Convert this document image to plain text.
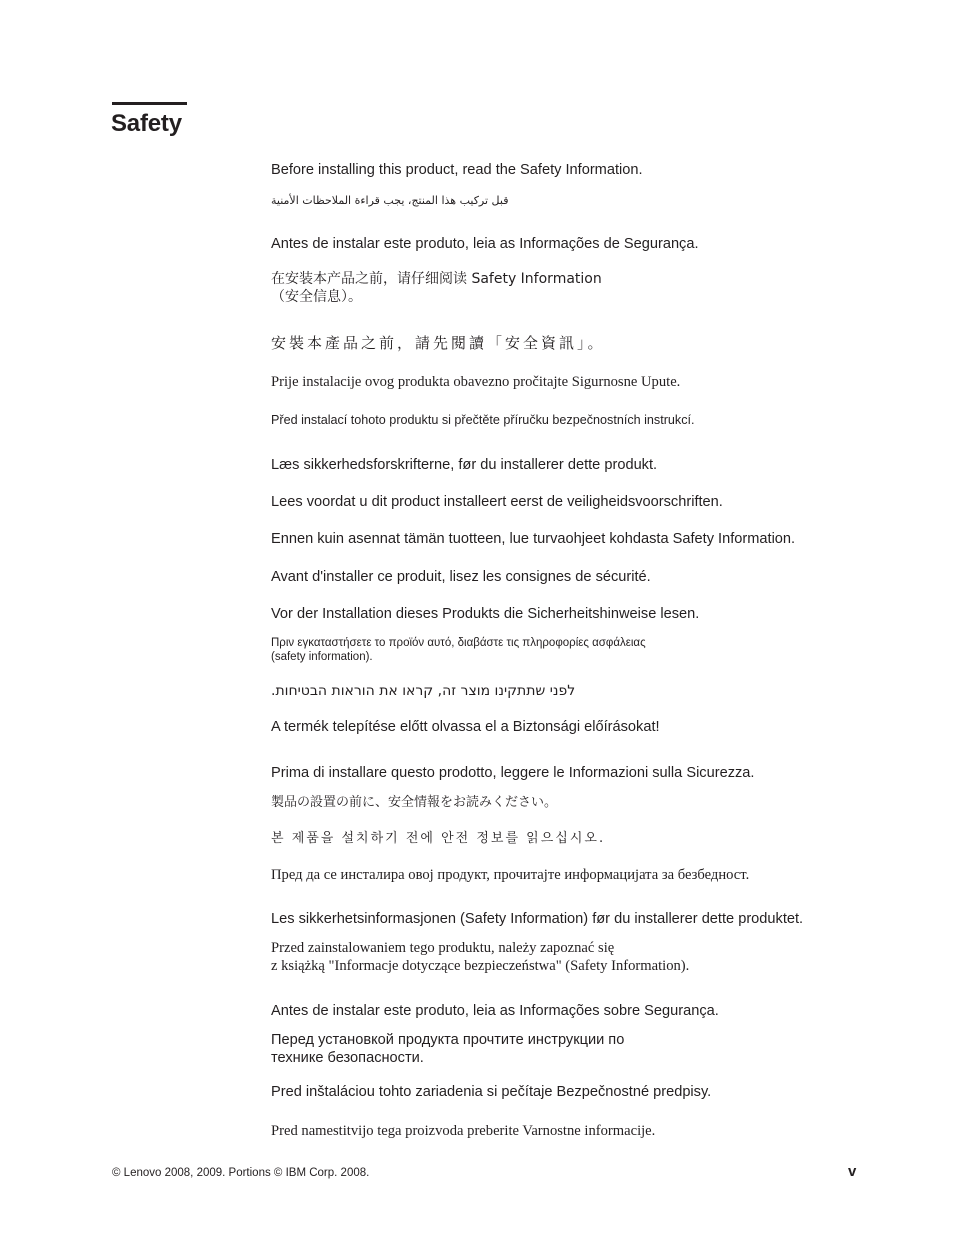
Safety

Before installing this product, read the Safety Information.

قبل تركيب هذا المنتج، يجب قراءة الملاحظات الأمنية

Antes de instalar este produto, leia as Informações de Segurança.

在安装本产品之前，请仔细阅读 Safety Information
（安全信息）。

安裝本產品之前，請先閱讀「安全資訊」。

Prije instalacije ovog produkta obavezno pročitajte Sigurnosne Upute.

Před instalací tohoto produktu si přečtěte příručku bezpečnostních instrukcí.

Læs sikkerhedsforskrifterne, før du installerer dette produkt.

Lees voordat u dit product installeert eerst de veiligheidsvoorschriften.

Ennen kuin asennat tämän tuotteen, lue turvaohjeet kohdasta Safety Information.

Avant d'installer ce produit, lisez les consignes de sécurité.

Vor der Installation dieses Produkts die Sicherheitshinweise lesen.

Πριν εγκαταστήσετε το προϊόν αυτό, διαβάστε τις πληροφορίες ασφάλειας
(safety information).

לפני שתתקינו מוצר זה, קראו את הוראות הבטיחות.

A termék telepítése előtt olvassa el a Biztonsági előírásokat!

Prima di installare questo prodotto, leggere le Informazioni sulla Sicurezza.

製品の設置の前に、安全情報をお読みください。

본 제품을 설치하기 전에 안전 정보를 읽으십시오.

Пред да се инсталира овој продукт, прочитајте информацијата за безбедност.

Les sikkerhetsinformasjonen (Safety Information) før du installerer dette produktet.

Przed zainstalowaniem tego produktu, należy zapoznać się
z książką "Informacje dotyczące bezpieczeństwa" (Safety Information).

Antes de instalar este produto, leia as Informações sobre Segurança.

Перед установкой продукта прочтите инструкции по
технике безопасности.

Pred inštaláciou tohto zariadenia si pečítaje Bezpečnostné predpisy.

Pred namestitvijo tega proizvoda preberite Varnostne informacije.

© Lenovo 2008, 2009. Portions © IBM Corp. 2008.	v
